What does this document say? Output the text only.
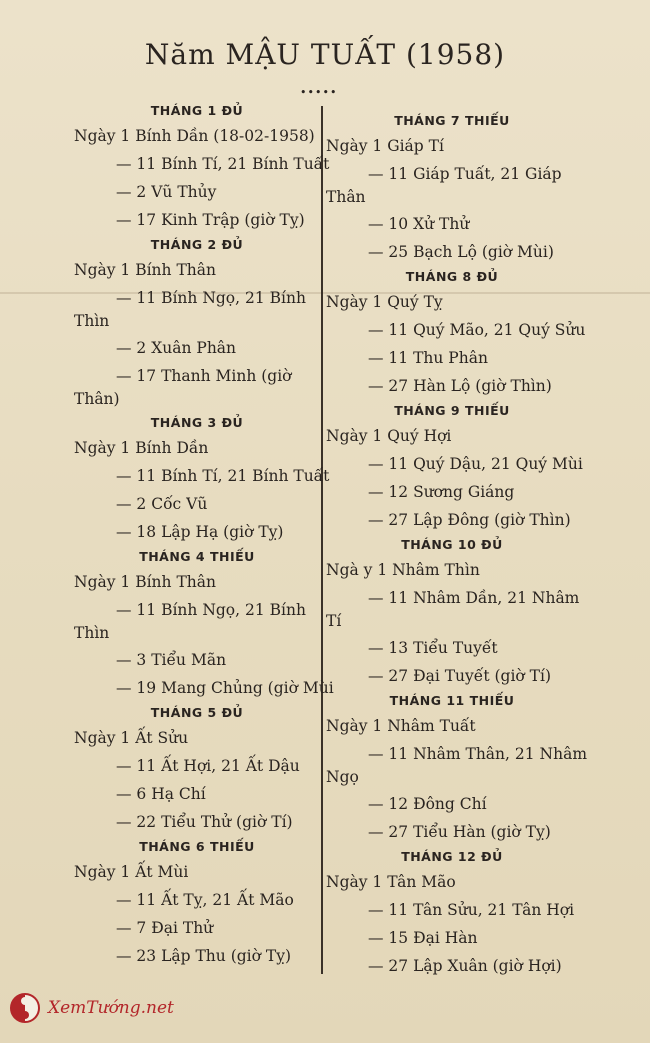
Năm MẬU TUẤT (1958)
•••••
THÁNG 1 ĐỦ
Ngày 1 Bính Dần (18-02-1958)
— 11 Bính Tí, 21 Bính Tuất
— 2 Vũ Thủy
— 17 Kinh Trập (giờ Tỵ)
THÁNG 2 ĐỦ
Ngày 1 Bính Thân
— 11 Bính Ngọ, 21 Bính
Thìn
— 2 Xuân Phân
— 17 Thanh Minh (giờ
Thân)
THÁNG 3 ĐỦ
Ngày 1 Bính Dần
— 11 Bính Tí, 21 Bính Tuất
— 2 Cốc Vũ
— 18 Lập Hạ (giờ Tỵ)
THÁNG 4 THIẾU
Ngày 1 Bính Thân
— 11 Bính Ngọ, 21 Bính
Thìn
— 3 Tiểu Mãn
— 19 Mang Chủng (giờ Mùi
THÁNG 5 ĐỦ
Ngày 1 Ất Sửu
— 11 Ất Hợi, 21 Ất Dậu
— 6 Hạ Chí
— 22 Tiểu Thử (giờ Tí)
THÁNG 6 THIẾU
Ngày 1 Ất Mùi
— 11 Ất Tỵ, 21 Ất Mão
— 7 Đại Thử
— 23 Lập Thu (giờ Tỵ)
THÁNG 7 THIẾU
Ngày 1 Giáp Tí
— 11 Giáp Tuất, 21 Giáp
Thân
— 10 Xử Thử
— 25 Bạch Lộ (giờ Mùi)
THÁNG 8 ĐỦ
Ngày 1 Quý Tỵ
— 11 Quý Mão, 21 Quý Sửu
— 11 Thu Phân
— 27 Hàn Lộ (giờ Thìn)
THÁNG 9 THIẾU
Ngày 1 Quý Hợi
— 11 Quý Dậu, 21 Quý Mùi
— 12 Sương Giáng
— 27 Lập Đông (giờ Thìn)
THÁNG 10 ĐỦ
Ngà y 1 Nhâm Thìn
— 11 Nhâm Dần, 21 Nhâm
Tí
— 13 Tiểu Tuyết
— 27 Đại Tuyết (giờ Tí)
THÁNG 11 THIẾU
Ngày 1 Nhâm Tuất
— 11 Nhâm Thân, 21 Nhâm
Ngọ
— 12 Đông Chí
— 27 Tiểu Hàn (giờ Tỵ)
THÁNG 12 ĐỦ
Ngày 1 Tân Mão
— 11 Tân Sửu, 21 Tân Hợi
— 15 Đại Hàn
— 27 Lập Xuân (giờ Hợi)
XemTướng.net
